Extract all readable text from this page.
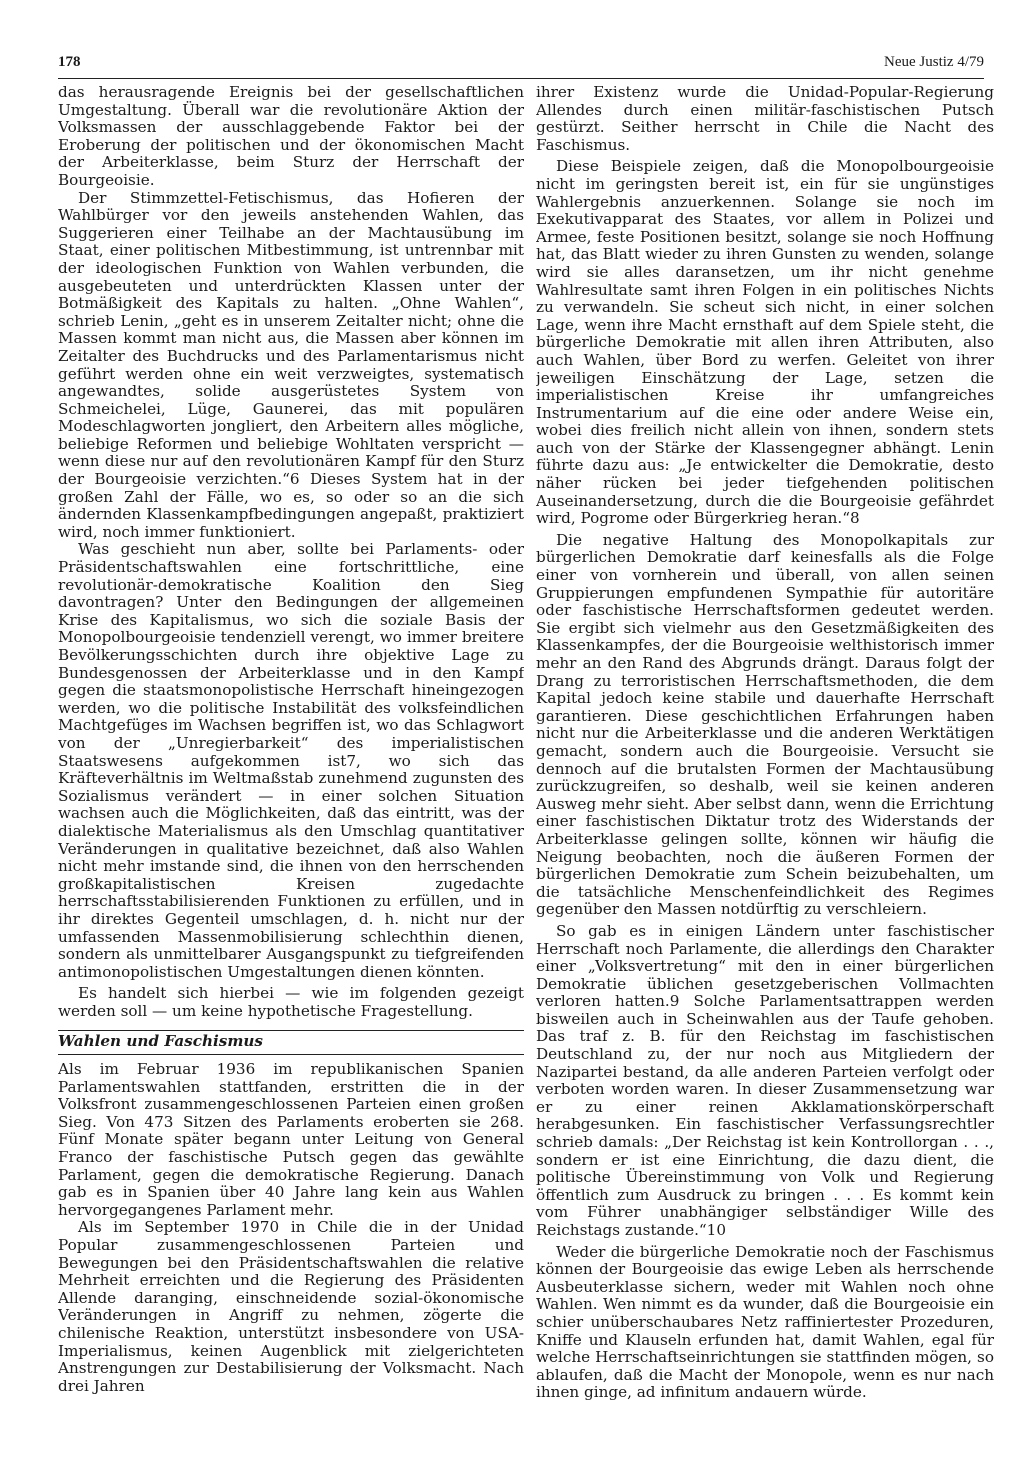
178	Neue Justiz 4/79

das herausragende Ereignis bei der gesellschaftlichen Umgestaltung. Überall war die revolutionäre Aktion der Volksmassen der ausschlaggebende Faktor bei der Eroberung der politischen und der ökonomischen Macht der Arbeiterklasse, beim Sturz der Herrschaft der Bourgeoisie.

Der Stimmzettel-Fetischismus, das Hofieren der Wahlbürger vor den jeweils anstehenden Wahlen, das Suggerieren einer Teilhabe an der Machtausübung im Staat, einer politischen Mitbestimmung, ist untrennbar mit der ideologischen Funktion von Wahlen verbunden, die ausgebeuteten und unterdrückten Klassen unter der Botmäßigkeit des Kapitals zu halten. „Ohne Wahlen“, schrieb Lenin, „geht es in unserem Zeitalter nicht; ohne die Massen kommt man nicht aus, die Massen aber können im Zeitalter des Buchdrucks und des Parlamentarismus nicht geführt werden ohne ein weit verzweigtes, systematisch angewandtes, solide ausgerüstetes System von Schmeichelei, Lüge, Gaunerei, das mit populären Modeschlagworten jongliert, den Arbeitern alles mögliche, beliebige Reformen und beliebige Wohltaten verspricht — wenn diese nur auf den revolutionären Kampf für den Sturz der Bourgeoisie verzichten.“6 Dieses System hat in der großen Zahl der Fälle, wo es, so oder so an die sich ändernden Klassenkampfbedingungen angepaßt, praktiziert wird, noch immer funktioniert.

Was geschieht nun aber, sollte bei Parlaments- oder Präsidentschaftswahlen eine fortschrittliche, eine revolutionär-demokratische Koalition den Sieg davontragen? Unter den Bedingungen der allgemeinen Krise des Kapitalismus, wo sich die soziale Basis der Monopolbourgeoisie tendenziell verengt, wo immer breitere Bevölkerungsschichten durch ihre objektive Lage zu Bundesgenossen der Arbeiterklasse und in den Kampf gegen die staatsmonopolistische Herrschaft hineingezogen werden, wo die politische Instabilität des volksfeindlichen Machtgefüges im Wachsen begriffen ist, wo das Schlagwort von der „Unregierbarkeit“ des imperialistischen Staatswesens aufgekommen ist7, wo sich das Kräfteverhältnis im Weltmaßstab zunehmend zugunsten des Sozialismus verändert — in einer solchen Situation wachsen auch die Möglichkeiten, daß das eintritt, was der dialektische Materialismus als den Umschlag quantitativer Veränderungen in qualitative bezeichnet, daß also Wahlen nicht mehr imstande sind, die ihnen von den herrschenden großkapitalistischen Kreisen zugedachte herrschaftsstabilisierenden Funktionen zu erfüllen, und in ihr direktes Gegenteil umschlagen, d. h. nicht nur der umfassenden Massenmobilisierung schlechthin dienen, sondern als unmittelbarer Ausgangspunkt zu tiefgreifenden antimonopolistischen Umgestaltungen dienen könnten.

Es handelt sich hierbei — wie im folgenden gezeigt werden soll — um keine hypothetische Fragestellung.

Wahlen und Faschismus

Als im Februar 1936 im republikanischen Spanien Parlamentswahlen stattfanden, erstritten die in der Volksfront zusammengeschlossenen Parteien einen großen Sieg. Von 473 Sitzen des Parlaments eroberten sie 268. Fünf Monate später begann unter Leitung von General Franco der faschistische Putsch gegen das gewählte Parlament, gegen die demokratische Regierung. Danach gab es in Spanien über 40 Jahre lang kein aus Wahlen hervorgegangenes Parlament mehr.

Als im September 1970 in Chile die in der Unidad Popular zusammengeschlossenen Parteien und Bewegungen bei den Präsidentschaftswahlen die relative Mehrheit erreichten und die Regierung des Präsidenten Allende daranging, einschneidende sozial-ökonomische Veränderungen in Angriff zu nehmen, zögerte die chilenische Reaktion, unterstützt insbesondere von USA-Imperialismus, keinen Augenblick mit zielgerichteten Anstrengungen zur Destabilisierung der Volksmacht. Nach drei Jahren

ihrer Existenz wurde die Unidad-Popular-Regierung Allendes durch einen militär-faschistischen Putsch gestürzt. Seither herrscht in Chile die Nacht des Faschismus.

Diese Beispiele zeigen, daß die Monopolbourgeoisie nicht im geringsten bereit ist, ein für sie ungünstiges Wahlergebnis anzuerkennen. Solange sie noch im Exekutivapparat des Staates, vor allem in Polizei und Armee, feste Positionen besitzt, solange sie noch Hoffnung hat, das Blatt wieder zu ihren Gunsten zu wenden, solange wird sie alles daransetzen, um ihr nicht genehme Wahlresultate samt ihren Folgen in ein politisches Nichts zu verwandeln. Sie scheut sich nicht, in einer solchen Lage, wenn ihre Macht ernsthaft auf dem Spiele steht, die bürgerliche Demokratie mit allen ihren Attributen, also auch Wahlen, über Bord zu werfen. Geleitet von ihrer jeweiligen Einschätzung der Lage, setzen die imperialistischen Kreise ihr umfangreiches Instrumentarium auf die eine oder andere Weise ein, wobei dies freilich nicht allein von ihnen, sondern stets auch von der Stärke der Klassengegner abhängt. Lenin führte dazu aus: „Je entwickelter die Demokratie, desto näher rücken bei jeder tiefgehenden politischen Auseinandersetzung, durch die die Bourgeoisie gefährdet wird, Pogrome oder Bürgerkrieg heran.“8

Die negative Haltung des Monopolkapitals zur bürgerlichen Demokratie darf keinesfalls als die Folge einer von vornherein und überall, von allen seinen Gruppierungen empfundenen Sympathie für autoritäre oder faschistische Herrschaftsformen gedeutet werden. Sie ergibt sich vielmehr aus den Gesetzmäßigkeiten des Klassenkampfes, der die Bourgeoisie welthistorisch immer mehr an den Rand des Abgrunds drängt. Daraus folgt der Drang zu terroristischen Herrschaftsmethoden, die dem Kapital jedoch keine stabile und dauerhafte Herrschaft garantieren. Diese geschichtlichen Erfahrungen haben nicht nur die Arbeiterklasse und die anderen Werktätigen gemacht, sondern auch die Bourgeoisie. Versucht sie dennoch auf die brutalsten Formen der Machtausübung zurückzugreifen, so deshalb, weil sie keinen anderen Ausweg mehr sieht. Aber selbst dann, wenn die Errichtung einer faschistischen Diktatur trotz des Widerstands der Arbeiterklasse gelingen sollte, können wir häufig die Neigung beobachten, noch die äußeren Formen der bürgerlichen Demokratie zum Schein beizubehalten, um die tatsächliche Menschenfeindlichkeit des Regimes gegenüber den Massen notdürftig zu verschleiern.

So gab es in einigen Ländern unter faschistischer Herrschaft noch Parlamente, die allerdings den Charakter einer „Volksvertretung“ mit den in einer bürgerlichen Demokratie üblichen gesetzgeberischen Vollmachten verloren hatten.9 Solche Parlamentsattrappen werden bisweilen auch in Scheinwahlen aus der Taufe gehoben. Das traf z. B. für den Reichstag im faschistischen Deutschland zu, der nur noch aus Mitgliedern der Nazipartei bestand, da alle anderen Parteien verfolgt oder verboten worden waren. In dieser Zusammensetzung war er zu einer reinen Akklamationskörperschaft herabgesunken. Ein faschistischer Verfassungsrechtler schrieb damals: „Der Reichstag ist kein Kontrollorgan . . ., sondern er ist eine Einrichtung, die dazu dient, die politische Übereinstimmung von Volk und Regierung öffentlich zum Ausdruck zu bringen . . . Es kommt kein vom Führer unabhängiger selbständiger Wille des Reichstags zustande.“10

Weder die bürgerliche Demokratie noch der Faschismus können der Bourgeoisie das ewige Leben als herrschende Ausbeuterklasse sichern, weder mit Wahlen noch ohne Wahlen. Wen nimmt es da wunder, daß die Bourgeoisie ein schier unüberschaubares Netz raffiniertester Prozeduren, Kniffe und Klauseln erfunden hat, damit Wahlen, egal für welche Herrschaftseinrichtungen sie stattfinden mögen, so ablaufen, daß die Macht der Monopole, wenn es nur nach ihnen ginge, ad infinitum andauern würde.
